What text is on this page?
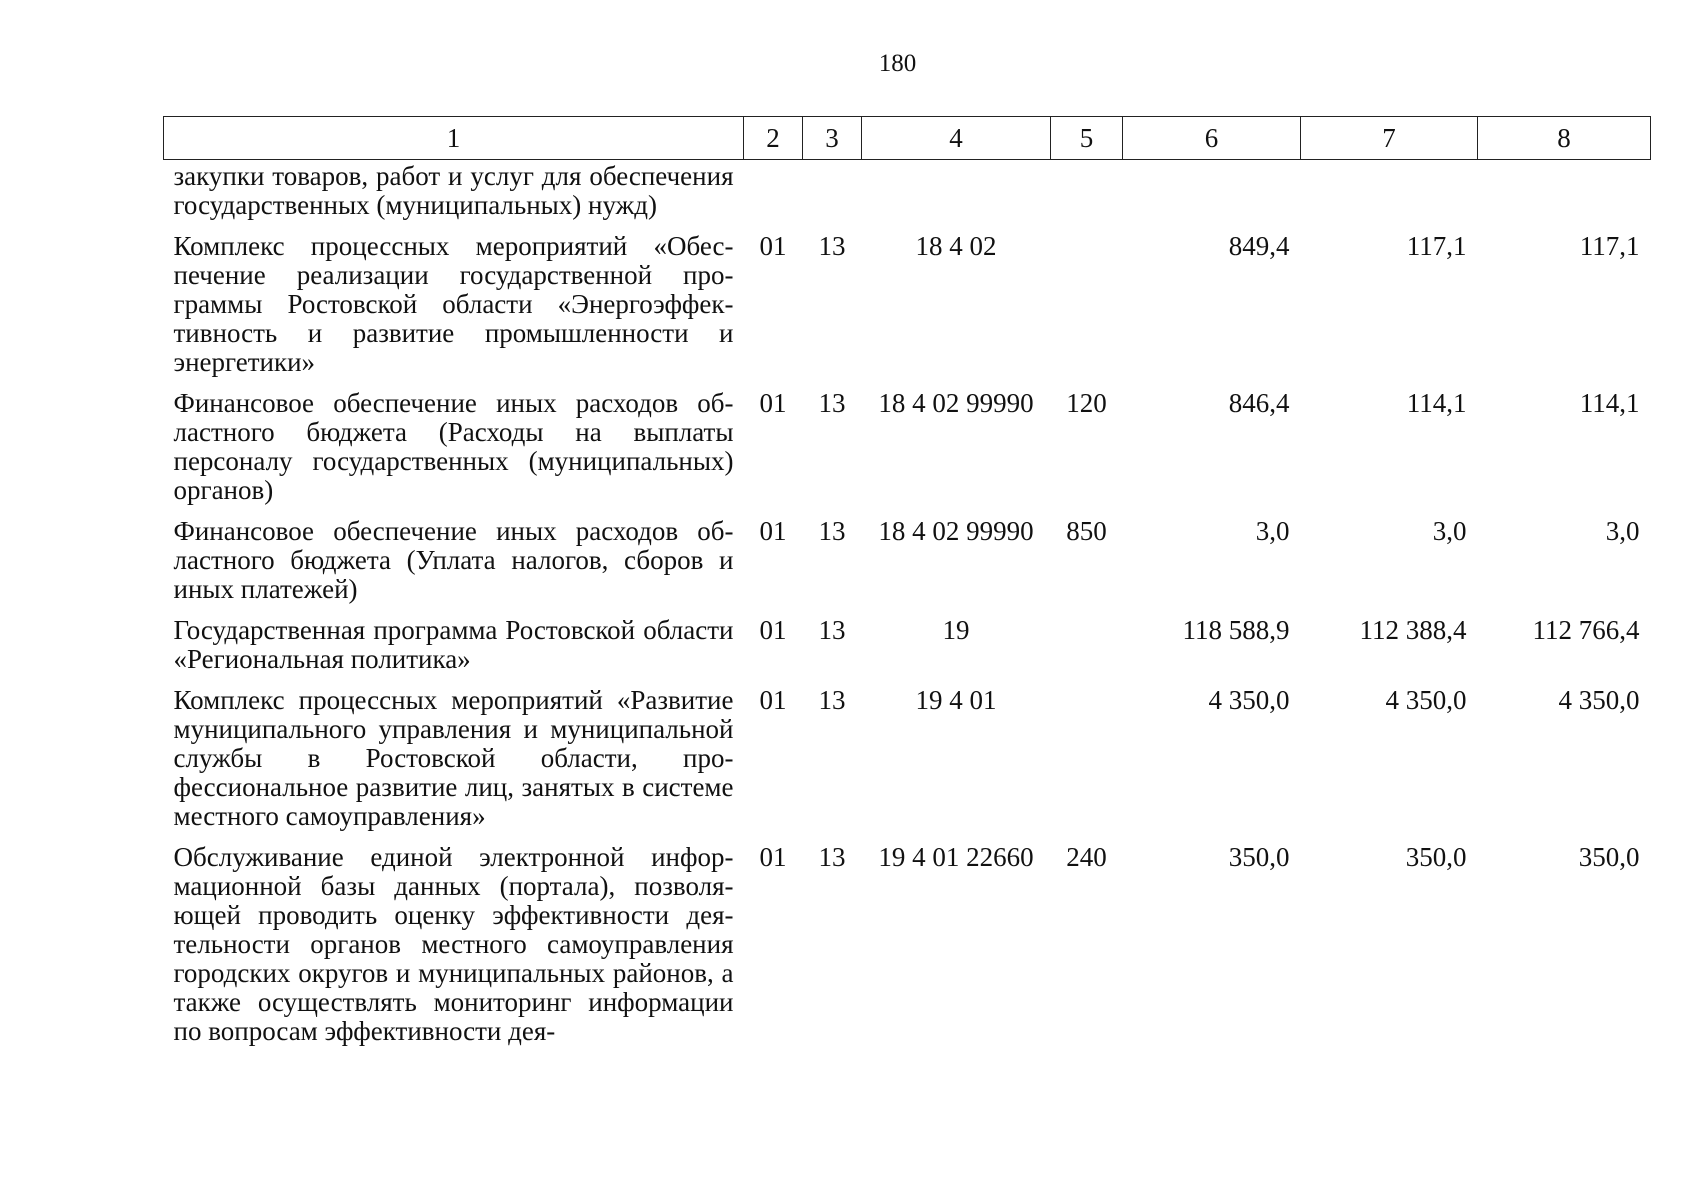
180
1	2	3	4	5	6	7	8
закупки товаров, работ и услуг для обеспечения государственных (муниципальных) нужд)							
Комплекс процессных мероприятий «Обеспечение реализации государственной программы Ростовской области «Энергоэффективность и развитие промышленности и энергетики»	01	13	18 4 02		849,4	117,1	117,1
Финансовое обеспечение иных расходов областного бюджета (Расходы на выплаты персоналу государственных (муниципальных) органов)	01	13	18 4 02 99990	120	846,4	114,1	114,1
Финансовое обеспечение иных расходов областного бюджета (Уплата налогов, сборов и иных платежей)	01	13	18 4 02 99990	850	3,0	3,0	3,0
Государственная программа Ростовской области «Региональная политика»	01	13	19		118 588,9	112 388,4	112 766,4
Комплекс процессных мероприятий «Развитие муниципального управления и муниципальной службы в Ростовской области, профессиональное развитие лиц, занятых в системе местного самоуправления»	01	13	19 4 01		4 350,0	4 350,0	4 350,0
Обслуживание единой электронной информационной базы данных (портала), позволяющей проводить оценку эффективности деятельности органов местного самоуправления городских округов и муниципальных районов, а также осуществлять мониторинг информации по вопросам эффективности дея-	01	13	19 4 01 22660	240	350,0	350,0	350,0
